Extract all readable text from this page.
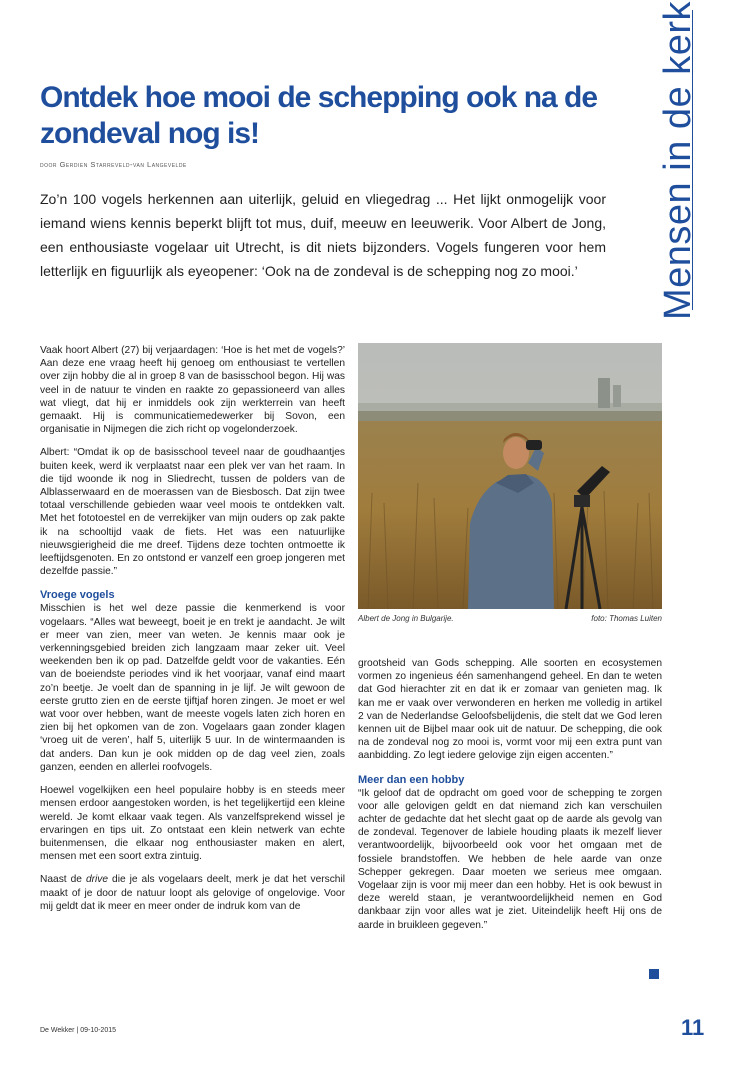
Mensen in de kerk
Ontdek hoe mooi de schepping ook na de zondeval nog is!
door Gerdien Starreveld-van Langevelde

Zo’n 100 vogels herkennen aan uiterlijk, geluid en vliegedrag ... Het lijkt onmogelijk voor iemand wiens kennis beperkt blijft tot mus, duif, meeuw en leeuwerik. Voor Albert de Jong, een enthousiaste vogelaar uit Utrecht, is dit niets bijzonders. Vogels fungeren voor hem letterlijk en figuurlijk als eyeopener: ‘Ook na de zondeval is de schepping nog zo mooi.’

Vaak hoort Albert (27) bij verjaardagen: ‘Hoe is het met de vogels?’ Aan deze ene vraag heeft hij genoeg om enthousiast te vertellen over zijn hobby die al in groep 8 van de basisschool begon. Hij was veel in de natuur te vinden en raakte zo gepassioneerd van alles wat vliegt, dat hij er inmiddels ook zijn werkterrein van heeft gemaakt. Hij is communicatiemedewerker bij Sovon, een organisatie in Nijmegen die zich richt op vogelonderzoek.

Albert: “Omdat ik op de basisschool teveel naar de goudhaantjes buiten keek, werd ik verplaatst naar een plek ver van het raam. In die tijd woonde ik nog in Sliedrecht, tussen de polders van de Alblasserwaard en de moerassen van de Biesbosch. Dat zijn twee totaal verschillende gebieden waar veel moois te ontdekken valt. Met het fototoestel en de verrekijker van mijn ouders op zak pakte ik na schooltijd vaak de fiets. Het was een natuurlijke nieuwsgierigheid die me dreef. Tijdens deze tochten ontmoette ik leeftijdsgenoten. En zo ontstond er vanzelf een groep jongeren met dezelfde passie.”

Vroege vogels

Misschien is het wel deze passie die kenmerkend is voor vogelaars. “Alles wat beweegt, boeit je en trekt je aandacht. Je wilt er meer van zien, meer van weten. Je kennis maar ook je verkenningsgebied breiden zich langzaam maar zeker uit. Veel weekenden ben ik op pad. Datzelfde geldt voor de vakanties. Eén van de boeiendste periodes vind ik het voorjaar, vanaf eind maart zo’n beetje. Je voelt dan de spanning in je lijf. Je wilt gewoon de eerste grutto zien en de eerste tjiftjaf horen zingen. Je moet er wel wat voor over hebben, want de meeste vogels laten zich horen en zien bij het opkomen van de zon. Vogelaars gaan zonder klagen ‘vroeg uit de veren’, half 5, uiterlijk 5 uur. In de wintermaanden is dat anders. Dan kun je ook midden op de dag veel zien, zoals ganzen, eenden en allerlei roofvogels.

Hoewel vogelkijken een heel populaire hobby is en steeds meer mensen erdoor aangestoken worden, is het tegelijkertijd een kleine wereld. Je komt elkaar vaak tegen. Als vanzelfsprekend wissel je ervaringen en tips uit. Zo ontstaat een klein netwerk van echte buitenmensen, die elkaar nog enthousiaster maken en alert, mensen met een soort extra zintuig.

Naast de drive die je als vogelaars deelt, merk je dat het verschil maakt of je door de natuur loopt als gelovige of ongelovige. Voor mij geldt dat ik meer en meer onder de indruk kom van de

Albert de Jong in Bulgarije.	foto: Thomas Luiten

grootsheid van Gods schepping. Alle soorten en ecosystemen vormen zo ingenieus één samenhangend geheel. En dan te weten dat God hierachter zit en dat ik er zomaar van genieten mag. Ik kan me er vaak over verwonderen en herken me volledig in artikel 2 van de Nederlandse Geloofsbelijdenis, die stelt dat we God leren kennen uit de Bijbel maar ook uit de natuur. De schepping, die ook na de zondeval nog zo mooi is, vormt voor mij een extra punt van aanbidding. Zo legt iedere gelovige zijn eigen accenten.”

Meer dan een hobby

“Ik geloof dat de opdracht om goed voor de schepping te zorgen voor alle gelovigen geldt en dat niemand zich kan verschuilen achter de gedachte dat het slecht gaat op de aarde als gevolg van de zondeval. Tegenover de labiele houding plaats ik mezelf liever verantwoordelijk, bijvoorbeeld ook voor het omgaan met de fossiele brandstoffen. We hebben de hele aarde van onze Schepper gekregen. Daar moeten we serieus mee omgaan. Vogelaar zijn is voor mij meer dan een hobby. Het is ook bewust in deze wereld staan, je verantwoordelijkheid nemen en God dankbaar zijn voor alles wat je ziet. Uiteindelijk heeft Hij ons de aarde in bruikleen gegeven.”

De Wekker | 09-10-2015	11
